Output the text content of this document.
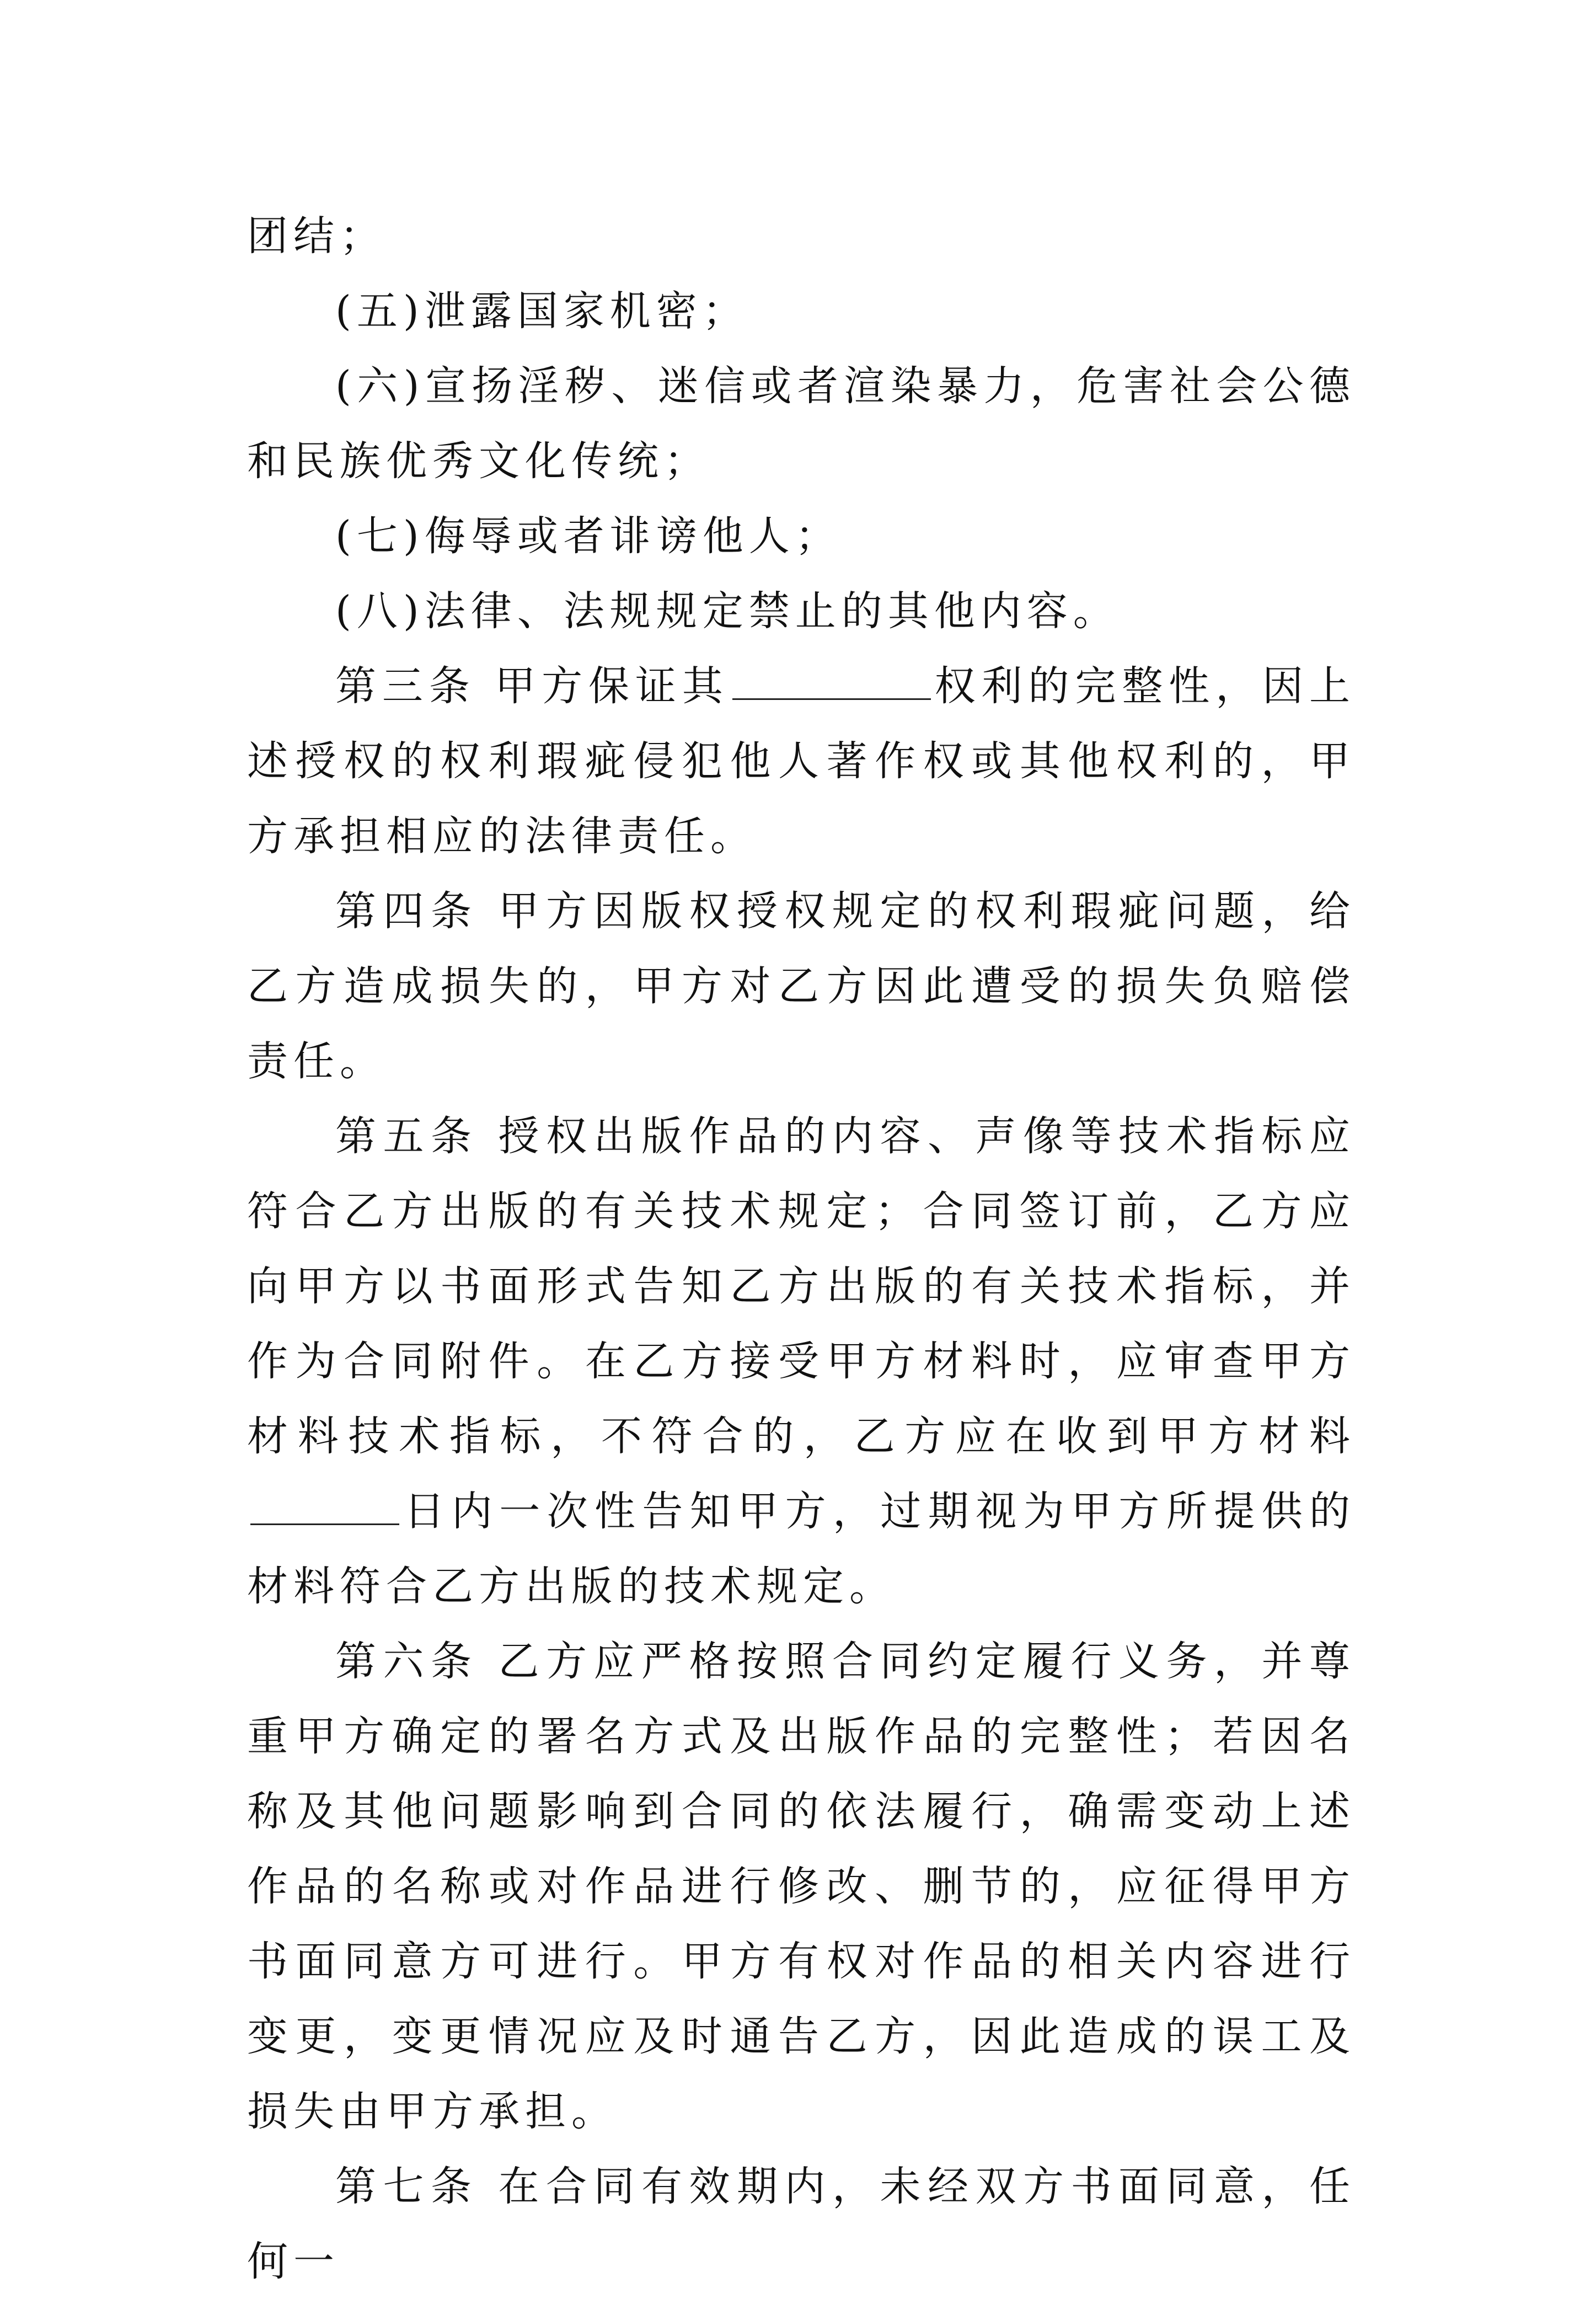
团结；

(五)泄露国家机密；

(六)宣扬淫秽、迷信或者渲染暴力，危害社会公德和民族优秀文化传统；

(七)侮辱或者诽谤他人；

(八)法律、法规规定禁止的其他内容。

第三条 甲方保证其	权利的完整性，因上述授权的权利瑕疵侵犯他人著作权或其他权利的，甲方承担相应的法律责任。

第四条 甲方因版权授权规定的权利瑕疵问题，给乙方造成损失的，甲方对乙方因此遭受的损失负赔偿责任。

第五条 授权出版作品的内容、声像等技术指标应符合乙方出版的有关技术规定；合同签订前，乙方应向甲方以书面形式告知乙方出版的有关技术指标，并作为合同附件。在乙方接受甲方材料时，应审查甲方材料技术指标，不符合的，乙方应在收到甲方材料日内一次性告知甲方，过期视为甲方所提供的材料符合乙方出版的技术规定。

第六条 乙方应严格按照合同约定履行义务，并尊重甲方确定的署名方式及出版作品的完整性；若因名称及其他问题影响到合同的依法履行，确需变动上述作品的名称或对作品进行修改、删节的，应征得甲方书面同意方可进行。甲方有权对作品的相关内容进行变更，变更情况应及时通告乙方，因此造成的误工及损失由甲方承担。

第七条 在合同有效期内，未经双方书面同意，任何一
